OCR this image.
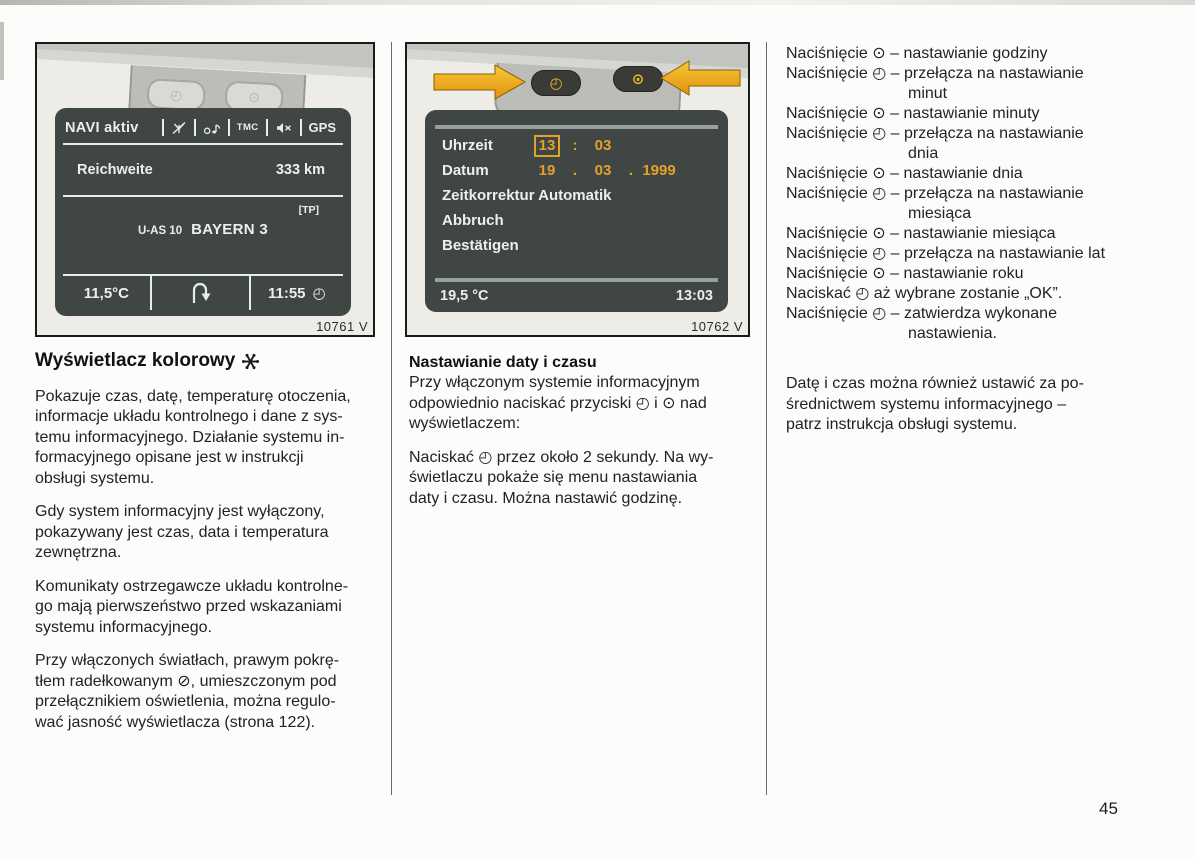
◴	⊙
NAVI aktiv	TMC	GPS
Reichweite	333 km
[TP]
U-AS 10 BAYERN 3
11,5°C	11:55 ◴
10761 V
◴	⊙
Uhrzeit	13	:	03
Datum	19	.	03	. 1999
Zeitkorrektur Automatik
Abbruch
Bestätigen
19,5 °C	13:03
10762 V
Wyświetlacz kolorowy

Pokazuje czas, datę, temperaturę otoczenia,
informacje układu kontrolnego i dane z sys-
temu informacyjnego. Działanie systemu in-
formacyjnego opisane jest w instrukcji
obsługi systemu.

Gdy system informacyjny jest wyłączony,
pokazywany jest czas, data i temperatura
zewnętrzna.

Komunikaty ostrzegawcze układu kontrolne-
go mają pierwszeństwo przed wskazaniami
systemu informacyjnego.

Przy włączonych światłach, prawym pokrę-
tłem radełkowanym ⊘, umieszczonym pod
przełącznikiem oświetlenia, można regulo-
wać jasność wyświetlacza (strona 122).

Nastawianie daty i czasu

Przy włączonym systemie informacyjnym
odpowiednio naciskać przyciski ◴ i ⊙ nad
wyświetlaczem:

Naciskać ◴ przez około 2 sekundy. Na wy-
świetlaczu pokaże się menu nastawiania
daty i czasu. Można nastawić godzinę.

Naciśnięcie ⊙ – nastawianie godziny
Naciśnięcie ◴ – przełącza na nastawianie
minut
Naciśnięcie ⊙ – nastawianie minuty
Naciśnięcie ◴ – przełącza na nastawianie
dnia
Naciśnięcie ⊙ – nastawianie dnia
Naciśnięcie ◴ – przełącza na nastawianie
miesiąca
Naciśnięcie ⊙ – nastawianie miesiąca
Naciśnięcie ◴ – przełącza na nastawianie lat
Naciśnięcie ⊙ – nastawianie roku
Naciskać ◴ aż wybrane zostanie „OK”.
Naciśnięcie ◴ – zatwierdza wykonane
nastawienia.

Datę i czas można również ustawić za po-
średnictwem systemu informacyjnego –
patrz instrukcja obsługi systemu.

45
